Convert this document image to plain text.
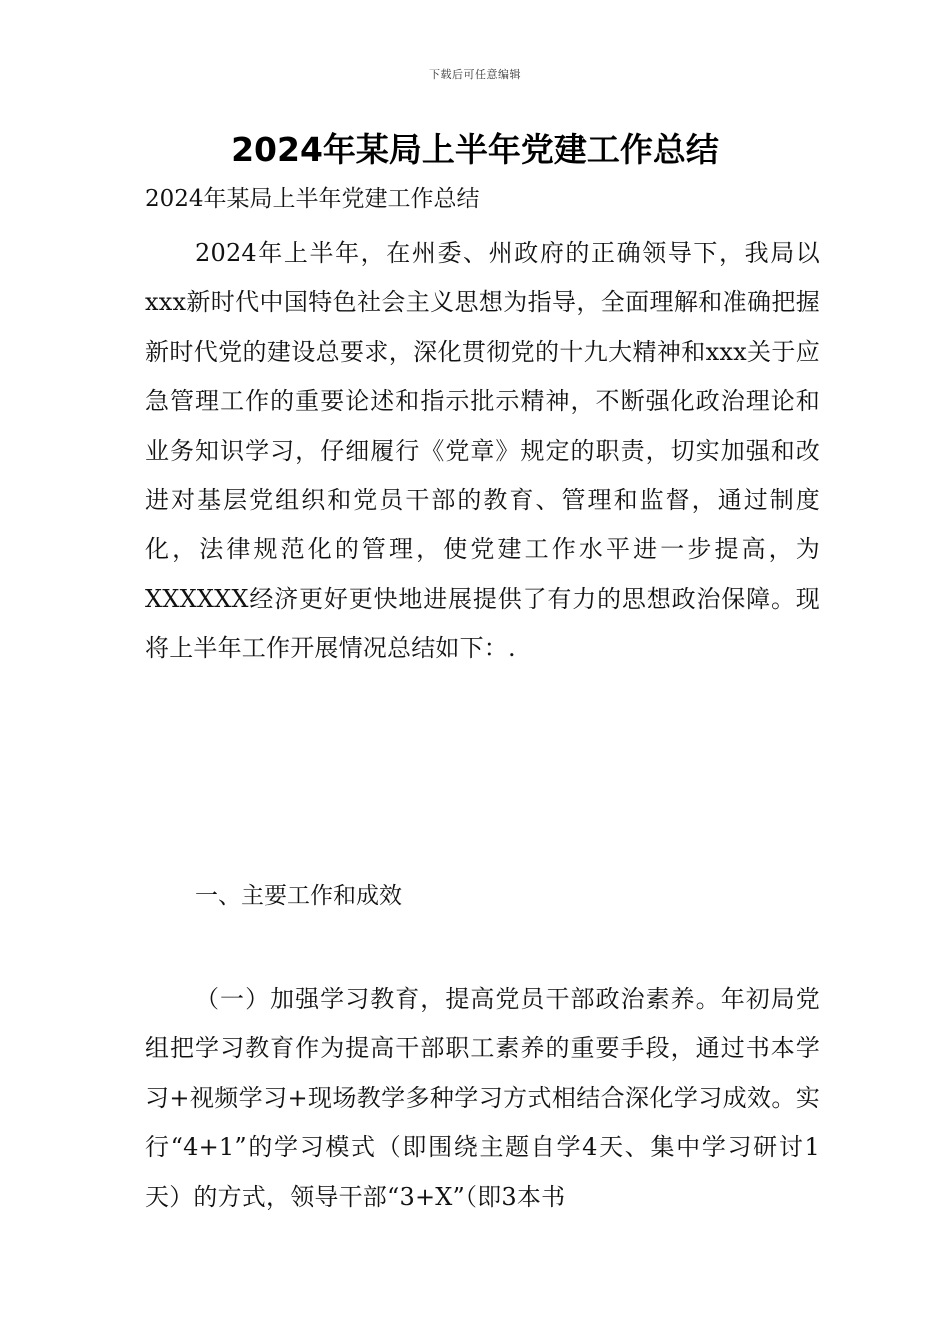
下载后可任意编辑
2024年某局上半年党建工作总结

2024年某局上半年党建工作总结

2024年上半年，在州委、州政府的正确领导下，我局以xxx新时代中国特色社会主义思想为指导，全面理解和准确把握新时代党的建设总要求，深化贯彻党的十九大精神和xxx关于应急管理工作的重要论述和指示批示精神，不断强化政治理论和业务知识学习，仔细履行《党章》规定的职责，切实加强和改进对基层党组织和党员干部的教育、管理和监督，通过制度化，法律规范化的管理，使党建工作水平进一步提高，为XXXXXX经济更好更快地进展提供了有力的思想政治保障。现将上半年工作开展情况总结如下：.

一、主要工作和成效

（一）加强学习教育，提高党员干部政治素养。年初局党组把学习教育作为提高干部职工素养的重要手段，通过书本学习+视频学习+现场教学多种学习方式相结合深化学习成效。实行“4+1”的学习模式（即围绕主题自学4天、集中学习研讨1天）的方式，领导干部“3+X”（即3本书
